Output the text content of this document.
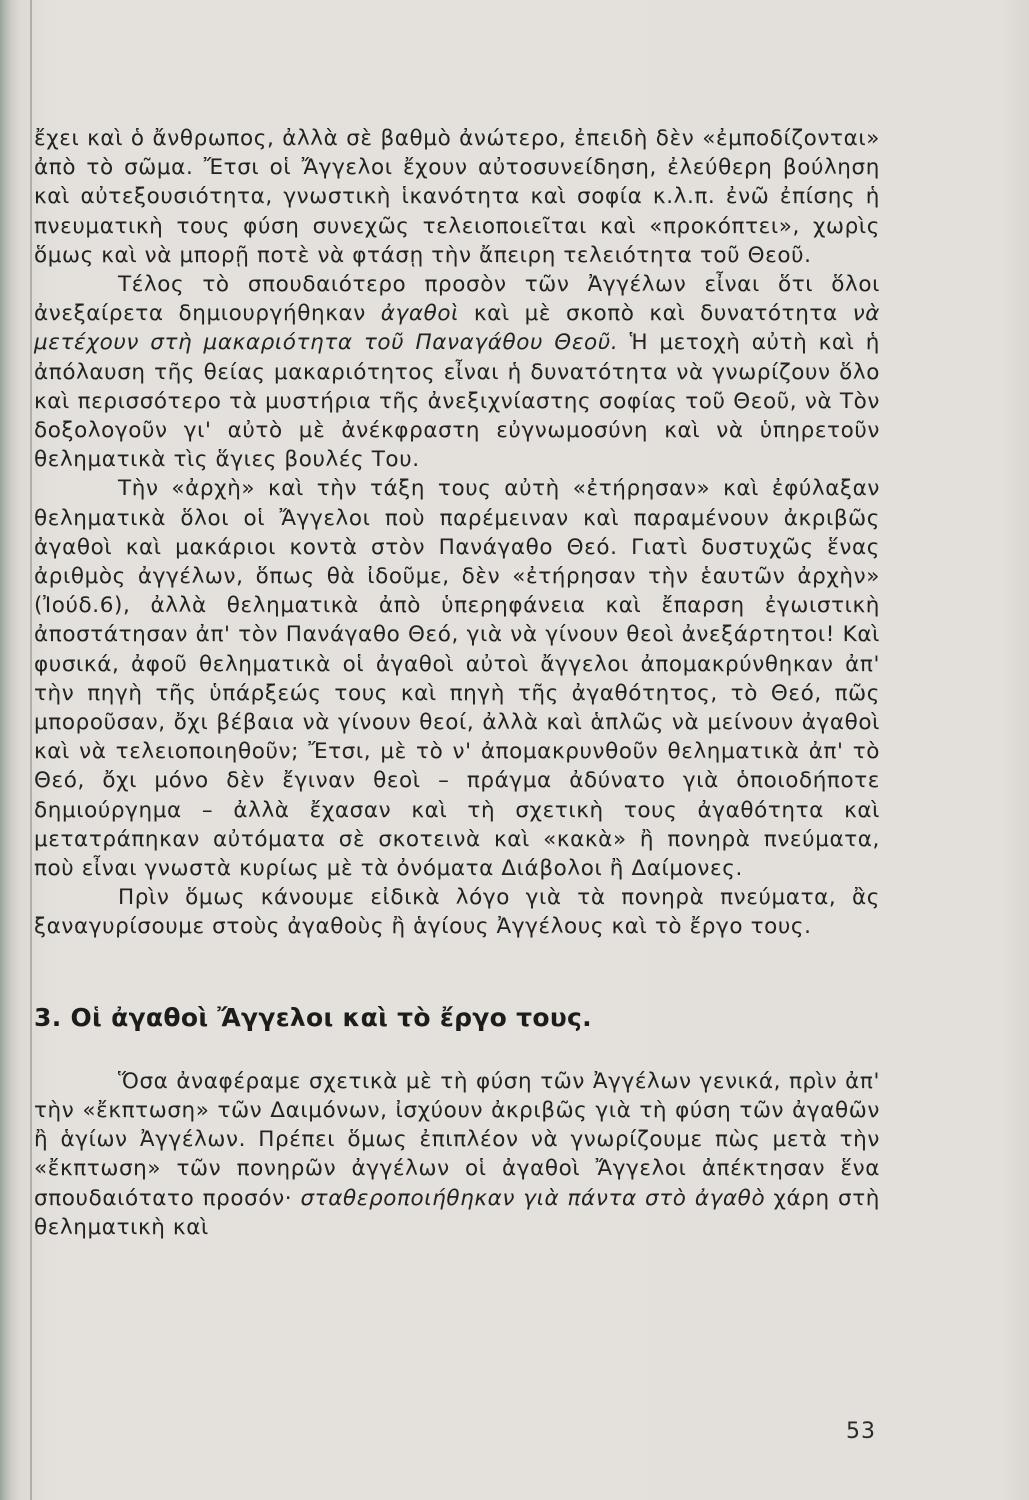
ἔχει καὶ ὁ ἄνθρωπος, ἀλλὰ σὲ βαθμὸ ἀνώτερο, ἐπειδὴ δὲν «ἐμποδίζονται» ἀπὸ τὸ σῶμα. Ἔτσι οἱ Ἄγγελοι ἔχουν αὐτοσυνείδηση, ἐλεύθερη βούληση καὶ αὐτεξουσιότητα, γνωστικὴ ἱκανότητα καὶ σοφία κ.λ.π. ἐνῶ ἐπίσης ἡ πνευματικὴ τους φύση συνεχῶς τελειοποιεῖται καὶ «προκόπτει», χωρὶς ὅμως καὶ νὰ μπορῇ ποτὲ νὰ φτάσῃ τὴν ἄπειρη τελειότητα τοῦ Θεοῦ.

Τέλος τὸ σπουδαιότερο προσὸν τῶν Ἀγγέλων εἶναι ὅτι ὅλοι ἀνεξαίρετα δημιουργήθηκαν ἀγαθοὶ καὶ μὲ σκοπὸ καὶ δυνατότητα νὰ μετέχουν στὴ μακαριότητα τοῦ Παναγάθου Θεοῦ. Ἡ μετοχὴ αὐτὴ καὶ ἡ ἀπόλαυση τῆς θείας μακαριότητος εἶναι ἡ δυνατότητα νὰ γνωρίζουν ὅλο καὶ περισσότερο τὰ μυστήρια τῆς ἀνεξιχνίαστης σοφίας τοῦ Θεοῦ, νὰ Τὸν δοξολογοῦν γι' αὐτὸ μὲ ἀνέκφραστη εὐγνωμοσύνη καὶ νὰ ὑπηρετοῦν θεληματικὰ τὶς ἅγιες βουλές Του.

Τὴν «ἀρχὴ» καὶ τὴν τάξη τους αὐτὴ «ἐτήρησαν» καὶ ἐφύλαξαν θεληματικὰ ὅλοι οἱ Ἄγγελοι ποὺ παρέμειναν καὶ παραμένουν ἀκριβῶς ἀγαθοὶ καὶ μακάριοι κοντὰ στὸν Πανάγαθο Θεό. Γιατὶ δυστυχῶς ἕνας ἀριθμὸς ἀγγέλων, ὅπως θὰ ἰδοῦμε, δὲν «ἐτήρησαν τὴν ἑαυτῶν ἀρχὴν» (Ἰούδ.6), ἀλλὰ θεληματικὰ ἀπὸ ὑπερηφάνεια καὶ ἔπαρση ἐγωιστικὴ ἀποστάτησαν ἀπ' τὸν Πανάγαθο Θεό, γιὰ νὰ γίνουν θεοὶ ἀνεξάρτητοι! Καὶ φυσικά, ἀφοῦ θεληματικὰ οἱ ἀγαθοὶ αὐτοὶ ἄγγελοι ἀπομακρύνθηκαν ἀπ' τὴν πηγὴ τῆς ὑπάρξεώς τους καὶ πηγὴ τῆς ἀγαθότητος, τὸ Θεό, πῶς μποροῦσαν, ὄχι βέβαια νὰ γίνουν θεοί, ἀλλὰ καὶ ἁπλῶς νὰ μείνουν ἀγαθοὶ καὶ νὰ τελειοποιηθοῦν; Ἔτσι, μὲ τὸ ν' ἀπομακρυνθοῦν θεληματικὰ ἀπ' τὸ Θεό, ὄχι μόνο δὲν ἔγιναν θεοὶ – πράγμα ἀδύνατο γιὰ ὁποιοδήποτε δημιούργημα – ἀλλὰ ἔχασαν καὶ τὴ σχετικὴ τους ἀγαθότητα καὶ μετατράπηκαν αὐτόματα σὲ σκοτεινὰ καὶ «κακὰ» ἢ πονηρὰ πνεύματα, ποὺ εἶναι γνωστὰ κυρίως μὲ τὰ ὀνόματα Διάβολοι ἢ Δαίμονες.

Πρὶν ὅμως κάνουμε εἰδικὰ λόγο γιὰ τὰ πονηρὰ πνεύματα, ἂς ξαναγυρίσουμε στοὺς ἀγαθοὺς ἢ ἁγίους Ἀγγέλους καὶ τὸ ἔργο τους.

3. Οἱ ἀγαθοὶ Ἄγγελοι καὶ τὸ ἔργο τους.

Ὅσα ἀναφέραμε σχετικὰ μὲ τὴ φύση τῶν Ἀγγέλων γενικά, πρὶν ἀπ' τὴν «ἔκπτωση» τῶν Δαιμόνων, ἰσχύουν ἀκριβῶς γιὰ τὴ φύση τῶν ἀγαθῶν ἢ ἁγίων Ἀγγέλων. Πρέπει ὅμως ἐπιπλέον νὰ γνωρίζουμε πὼς μετὰ τὴν «ἔκπτωση» τῶν πονηρῶν ἀγγέλων οἱ ἀγαθοὶ Ἄγγελοι ἀπέκτησαν ἕνα σπουδαιότατο προσόν· σταθεροποιήθηκαν γιὰ πάντα στὸ ἀγαθὸ χάρη στὴ θεληματικὴ καὶ

53
